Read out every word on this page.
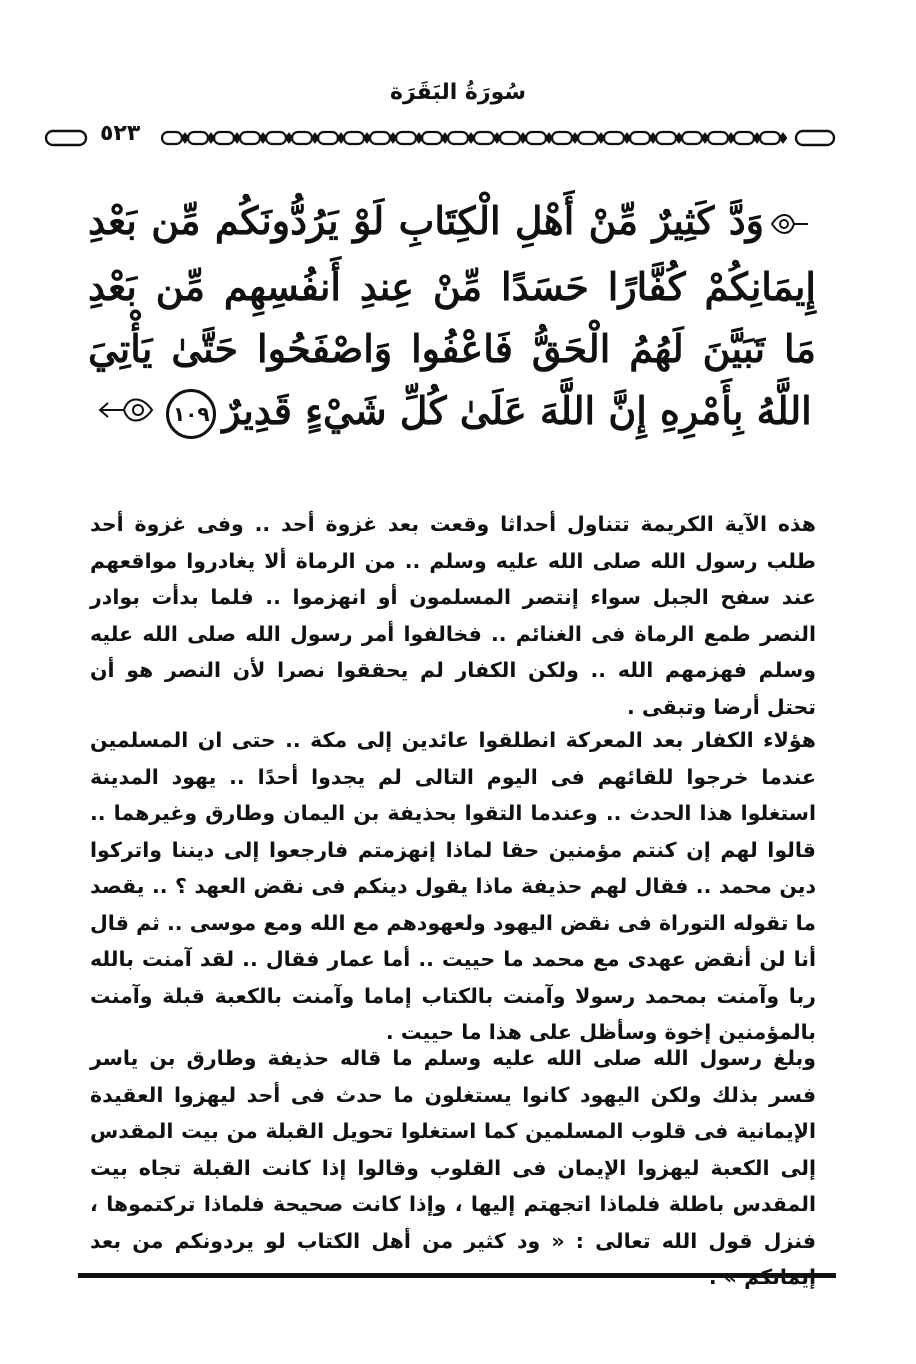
سُورَةُ البَقَرَة
٥٢٣
وَدَّ كَثِيرٌ مِّنْ أَهْلِ الْكِتَابِ لَوْ يَرُدُّونَكُم مِّن بَعْدِ إِيمَانِكُمْ كُفَّارًا حَسَدًا مِّنْ عِندِ أَنفُسِهِم مِّن بَعْدِ مَا تَبَيَّنَ لَهُمُ الْحَقُّ فَاعْفُوا وَاصْفَحُوا حَتَّىٰ يَأْتِيَ اللَّهُ بِأَمْرِهِ إِنَّ اللَّهَ عَلَىٰ كُلِّ شَيْءٍ قَدِيرٌ١٠٩
هذه الآية الكريمة تتناول أحداثا وقعت بعد غزوة أحد .. وفى غزوة أحد طلب رسول الله صلى الله عليه وسلم .. من الرماة ألا يغادروا مواقعهم عند سفح الجبل سواء إنتصر المسلمون أو انهزموا .. فلما بدأت بوادر النصر طمع الرماة فى الغنائم .. فخالفوا أمر رسول الله صلى الله عليه وسلم فهزمهم الله .. ولكن الكفار لم يحققوا نصرا لأن النصر هو أن تحتل أرضا وتبقى .
هؤلاء الكفار بعد المعركة انطلقوا عائدين إلى مكة .. حتى ان المسلمين عندما خرجوا للقائهم فى اليوم التالى لم يجدوا أحدًا .. يهود المدينة استغلوا هذا الحدث .. وعندما التقوا بحذيفة بن اليمان وطارق وغيرهما .. قالوا لهم إن كنتم مؤمنين حقا لماذا إنهزمتم فارجعوا إلى ديننا واتركوا دين محمد .. فقال لهم حذيفة ماذا يقول دينكم فى نقض العهد ؟ .. يقصد ما تقوله التوراة فى نقض اليهود ولعهودهم مع الله ومع موسى .. ثم قال أنا لن أنقض عهدى مع محمد ما حييت .. أما عمار فقال .. لقد آمنت بالله ربا وآمنت بمحمد رسولا وآمنت بالكتاب إماما وآمنت بالكعبة قبلة وآمنت بالمؤمنين إخوة وسأظل على هذا ما حييت .
وبلغ رسول الله صلى الله عليه وسلم ما قاله حذيفة وطارق بن ياسر فسر بذلك ولكن اليهود كانوا يستغلون ما حدث فى أحد ليهزوا العقيدة الإيمانية فى قلوب المسلمين كما استغلوا تحويل القبلة من بيت المقدس إلى الكعبة ليهزوا الإيمان فى القلوب وقالوا إذا كانت القبلة تجاه بيت المقدس باطلة فلماذا اتجهتم إليها ، وإذا كانت صحيحة فلماذا تركتموها ، فنزل قول الله تعالى : « ود كثير من أهل الكتاب لو يردونكم من بعد
